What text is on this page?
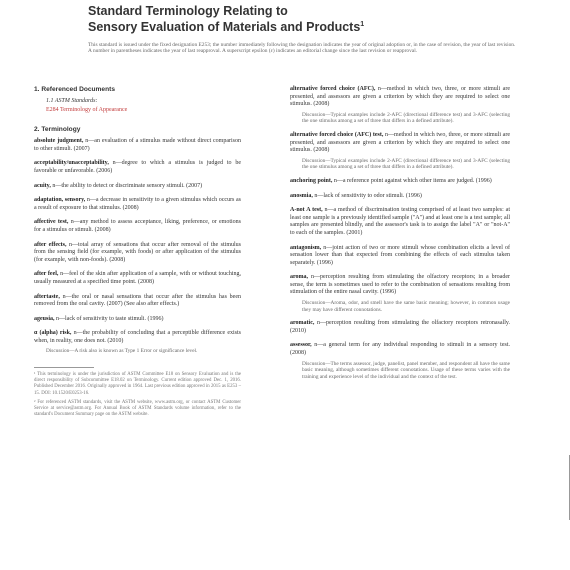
Standard Terminology Relating to
Sensory Evaluation of Materials and Products$^1$
This standard is issued under the fixed designation E253; the number immediately following the designation indicates the year of original adoption or, in the case of revision, the year of last revision. A number in parentheses indicates the year of last reapproval. A superscript epsilon (ε) indicates an editorial change since the last revision or reapproval.
1. Referenced Documents
1.1 ASTM Standards:
E284 Terminology of Appearance
2. Terminology
absolute judgment, n—an evaluation of a stimulus made without direct comparison to other stimuli. (2007)
acceptability/unacceptability, n—degree to which a stimulus is judged to be favorable or unfavorable. (2006)
acuity, n—the ability to detect or discriminate sensory stimuli. (2007)
adaptation, sensory, n—a decrease in sensitivity to a given stimulus which occurs as a result of exposure to that stimulus. (2008)
affective test, n—any method to assess acceptance, liking, preference, or emotions for a stimulus or stimuli. (2008)
after effects, n—total array of sensations that occur after removal of the stimulus from the sensing field (for example, with foods) or after application of the stimulus (for example, with non-foods). (2008)
after feel, n—feel of the skin after application of a sample, with or without touching, usually measured at a specified time point. (2008)
aftertaste, n—the oral or nasal sensations that occur after the stimulus has been removed from the oral cavity. (2007) (See also after effects.)
ageusia, n—lack of sensitivity to taste stimuli. (1996)
α (alpha) risk, n—the probability of concluding that a perceptible difference exists when, in reality, one does not. (2010)
Discussion—A risk also is known as Type 1 Error or significance level.
¹ This terminology is under the jurisdiction of ASTM Committee E18 on Sensory Evaluation and is the direct responsibility of Subcommittee E18.02 on Terminology. Current edition approved Dec. 1, 2016. Published December 2016. Originally approved in 1964. Last previous edition approved in 2015 as E253 – 15. DOI: 10.1520/E0253-16.
² For referenced ASTM standards, visit the ASTM website, www.astm.org, or contact ASTM Customer Service at service@astm.org. For Annual Book of ASTM Standards volume information, refer to the standard's Document Summary page on the ASTM website.
alternative forced choice (AFC), n—method in which two, three, or more stimuli are presented, and assessors are given a criterion by which they are required to select one stimulus. (2008)
Discussion—Typical examples include 2-AFC (directional difference test) and 3-AFC (selecting the one stimulus among a set of three that differs in a defined attribute).
alternative forced choice (AFC) test, n—method in which two, three, or more stimuli are presented, and assessors are given a criterion by which they are required to select one stimulus. (2008)
Discussion—Typical examples include 2-AFC (directional difference test) and 3-AFC (selecting the one stimulus among a set of three that differs in a defined attribute).
anchoring point, n—a reference point against which other items are judged. (1996)
anosmia, n—lack of sensitivity to odor stimuli. (1996)
A-not A test, n—a method of discrimination testing comprised of at least two samples: at least one sample is a previously identified sample ("A") and at least one is a test sample; all samples are presented blindly, and the assessor's task is to assign the label "A" or "not-A" to each of the samples. (2001)
antagonism, n—joint action of two or more stimuli whose combination elicits a level of sensation lower than that expected from combining the effects of each stimulus taken separately. (1996)
aroma, n—perception resulting from stimulating the olfactory receptors; in a broader sense, the term is sometimes used to refer to the combination of sensations resulting from stimulation of the entire nasal cavity. (1996)
Discussion—Aroma, odor, and smell have the same basic meaning; however, in common usage they may have different connotations.
aromatic, n—perception resulting from stimulating the olfactory receptors retronasally. (2010)
assessor, n—a general term for any individual responding to stimuli in a sensory test. (2008)
Discussion—The terms assessor, judge, panelist, panel member, and respondent all have the same basic meaning, although sometimes different connotations. Usage of these terms varies with the training and experience level of the individual and the context of the test.
